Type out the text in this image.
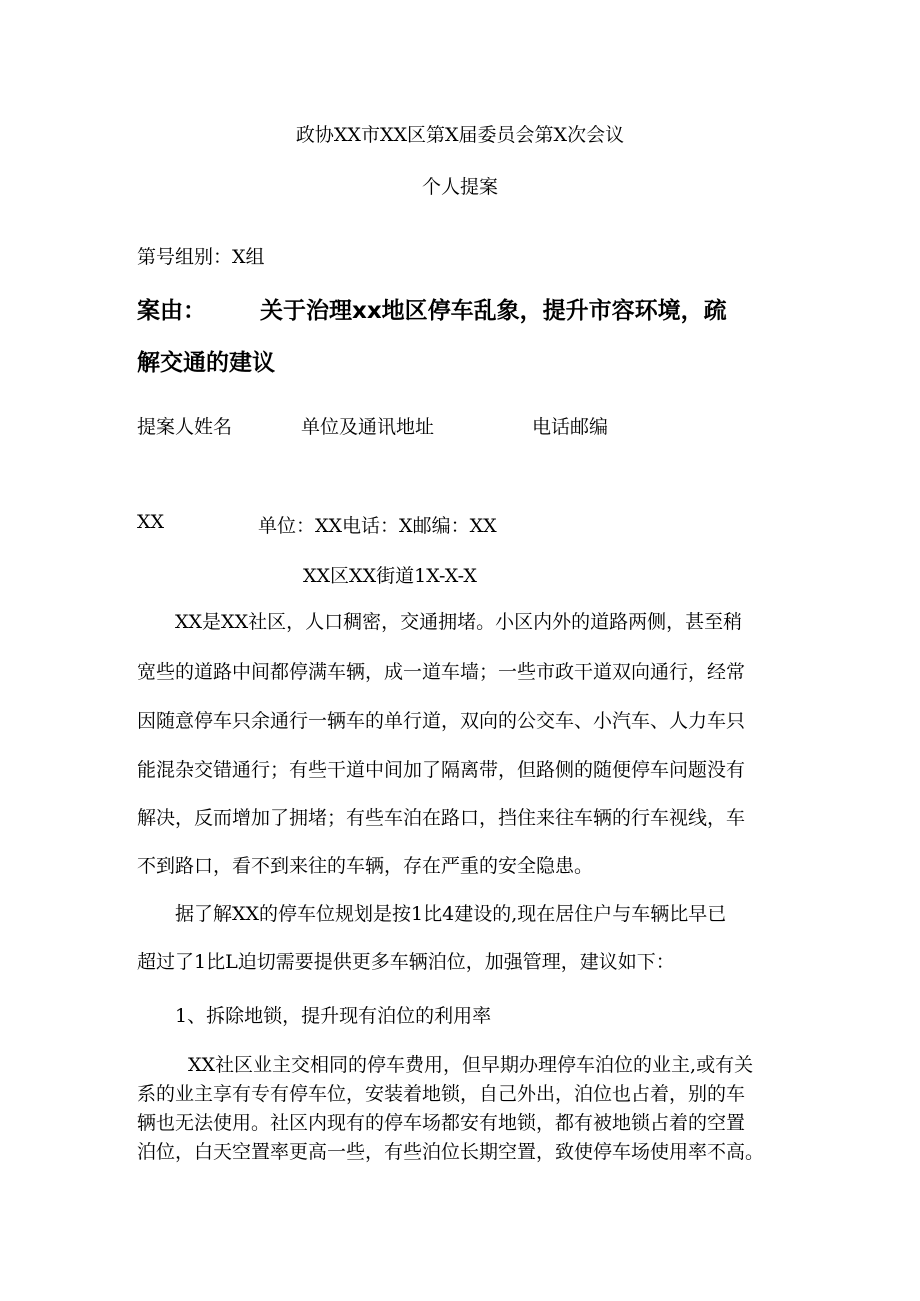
政协XX市XX区第X届委员会第X次会议
个人提案
第号组别：X组
案由： 关于治理xx地区停车乱象，提升市容环境，疏
解交通的建议
提案人姓名	单位及通讯地址	电话邮编
XX	单位：XX电话：X邮编：XX
XX区XX街道1X-X-X
XX是XX社区，人口稠密，交通拥堵。小区内外的道路两侧，甚至稍
宽些的道路中间都停满车辆，成一道车墙；一些市政干道双向通行，经常
因随意停车只余通行一辆车的单行道，双向的公交车、小汽车、人力车只
能混杂交错通行；有些干道中间加了隔离带，但路侧的随便停车问题没有
解决，反而增加了拥堵；有些车泊在路口，挡住来往车辆的行车视线，车
不到路口，看不到来往的车辆，存在严重的安全隐患。
据了解XX的停车位规划是按1比4建设的,现在居住户与车辆比早已
超过了1比L迫切需要提供更多车辆泊位，加强管理，建议如下：
1、拆除地锁，提升现有泊位的利用率
XX社区业主交相同的停车费用，但早期办理停车泊位的业主,或有关
系的业主享有专有停车位，安装着地锁，自己外出，泊位也占着，别的车
辆也无法使用。社区内现有的停车场都安有地锁，都有被地锁占着的空置
泊位，白天空置率更高一些，有些泊位长期空置，致使停车场使用率不高。
